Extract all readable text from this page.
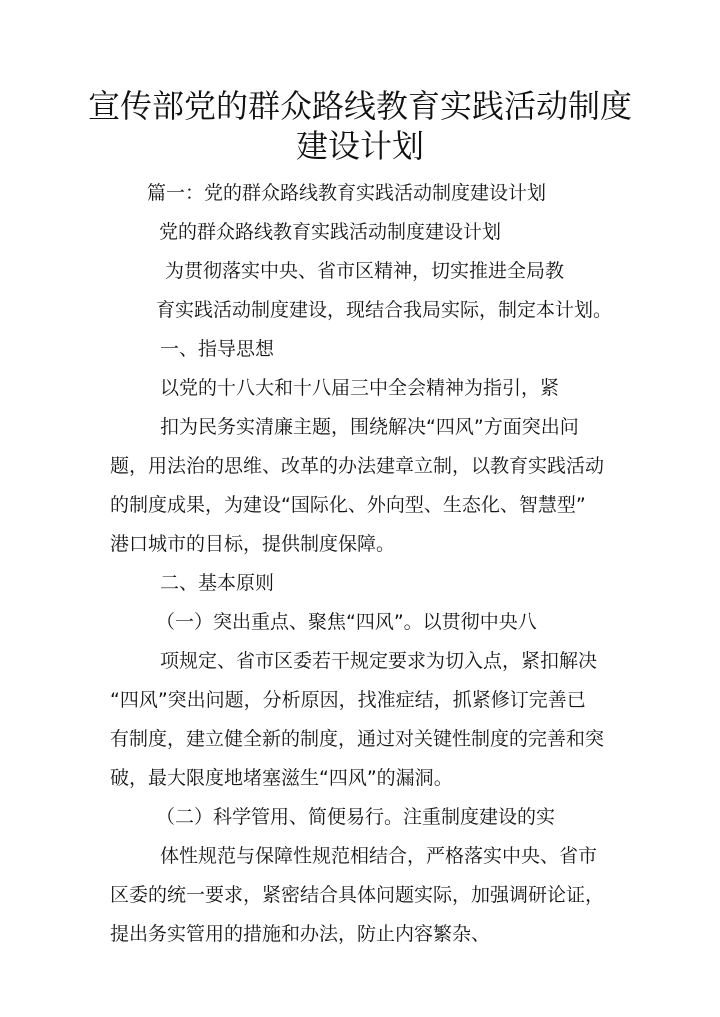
宣传部党的群众路线教育实践活动制度
建设计划
篇一：党的群众路线教育实践活动制度建设计划
党的群众路线教育实践活动制度建设计划
为贯彻落实中央、省市区精神，切实推进全局教
育实践活动制度建设，现结合我局实际，制定本计划。
一、指导思想
以党的十八大和十八届三中全会精神为指引，紧
扣为民务实清廉主题，围绕解决“四风”方面突出问
题，用法治的思维、改革的办法建章立制，以教育实践活动
的制度成果，为建设“国际化、外向型、生态化、智慧型”
港口城市的目标，提供制度保障。
二、基本原则
（一）突出重点、聚焦“四风”。以贯彻中央八
项规定、省市区委若干规定要求为切入点，紧扣解决
“四风”突出问题，分析原因，找准症结，抓紧修订完善已
有制度，建立健全新的制度，通过对关键性制度的完善和突
破，最大限度地堵塞滋生“四风”的漏洞。
（二）科学管用、简便易行。注重制度建设的实
体性规范与保障性规范相结合，严格落实中央、省市
区委的统一要求，紧密结合具体问题实际，加强调研论证，
提出务实管用的措施和办法，防止内容繁杂、
